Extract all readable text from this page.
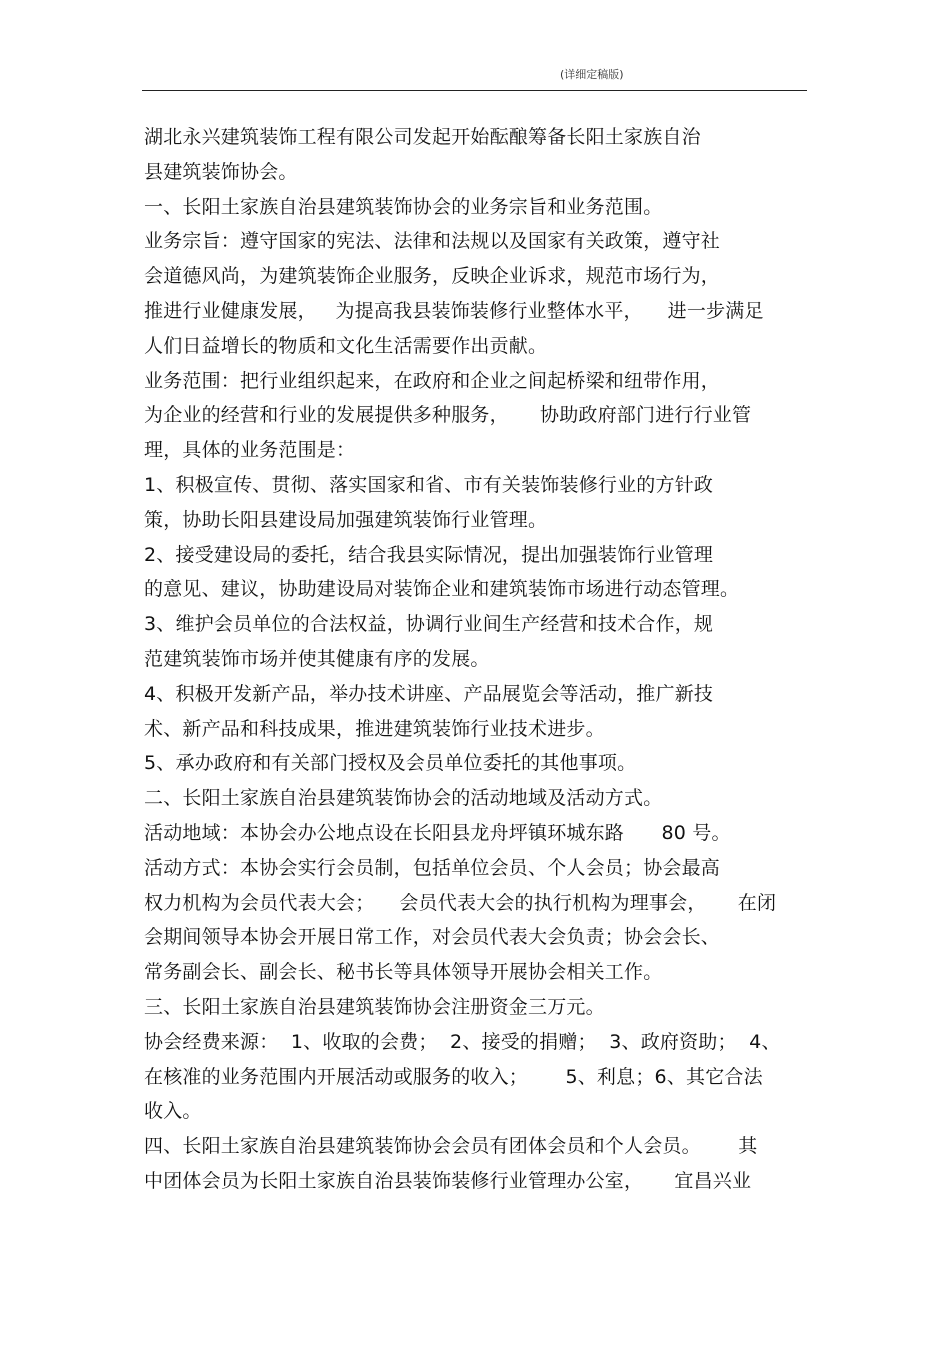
(详细定稿版)
湖北永兴建筑装饰工程有限公司发起开始酝酿筹备长阳土家族自治
县建筑装饰协会。
一、长阳土家族自治县建筑装饰协会的业务宗旨和业务范围。
业务宗旨：遵守国家的宪法、法律和法规以及国家有关政策，遵守社
会道德风尚，为建筑装饰企业服务，反映企业诉求，规范市场行为，
推进行业健康发展，   为提高我县装饰装修行业整体水平，    进一步满足
人们日益增长的物质和文化生活需要作出贡献。
业务范围：把行业组织起来，在政府和企业之间起桥梁和纽带作用，
为企业的经营和行业的发展提供多种服务，     协助政府部门进行行业管
理，具体的业务范围是：
1、积极宣传、贯彻、落实国家和省、市有关装饰装修行业的方针政
策，协助长阳县建设局加强建筑装饰行业管理。
2、接受建设局的委托，结合我县实际情况，提出加强装饰行业管理
的意见、建议，协助建设局对装饰企业和建筑装饰市场进行动态管理。
3、维护会员单位的合法权益，协调行业间生产经营和技术合作，规
范建筑装饰市场并使其健康有序的发展。
4、积极开发新产品，举办技术讲座、产品展览会等活动，推广新技
术、新产品和科技成果，推进建筑装饰行业技术进步。
5、承办政府和有关部门授权及会员单位委托的其他事项。
二、长阳土家族自治县建筑装饰协会的活动地域及活动方式。
活动地域：本协会办公地点设在长阳县龙舟坪镇环城东路      80 号。
活动方式：本协会实行会员制，包括单位会员、个人会员；协会最高
权力机构为会员代表大会；    会员代表大会的执行机构为理事会，     在闭
会期间领导本协会开展日常工作，对会员代表大会负责；协会会长、
常务副会长、副会长、秘书长等具体领导开展协会相关工作。
三、长阳土家族自治县建筑装饰协会注册资金三万元。
协会经费来源：  1、收取的会费；  2、接受的捐赠；  3、政府资助；  4、
在核准的业务范围内开展活动或服务的收入；      5、利息；6、其它合法
收入。
四、长阳土家族自治县建筑装饰协会会员有团体会员和个人会员。      其
中团体会员为长阳土家族自治县装饰装修行业管理办公室，     宜昌兴业
